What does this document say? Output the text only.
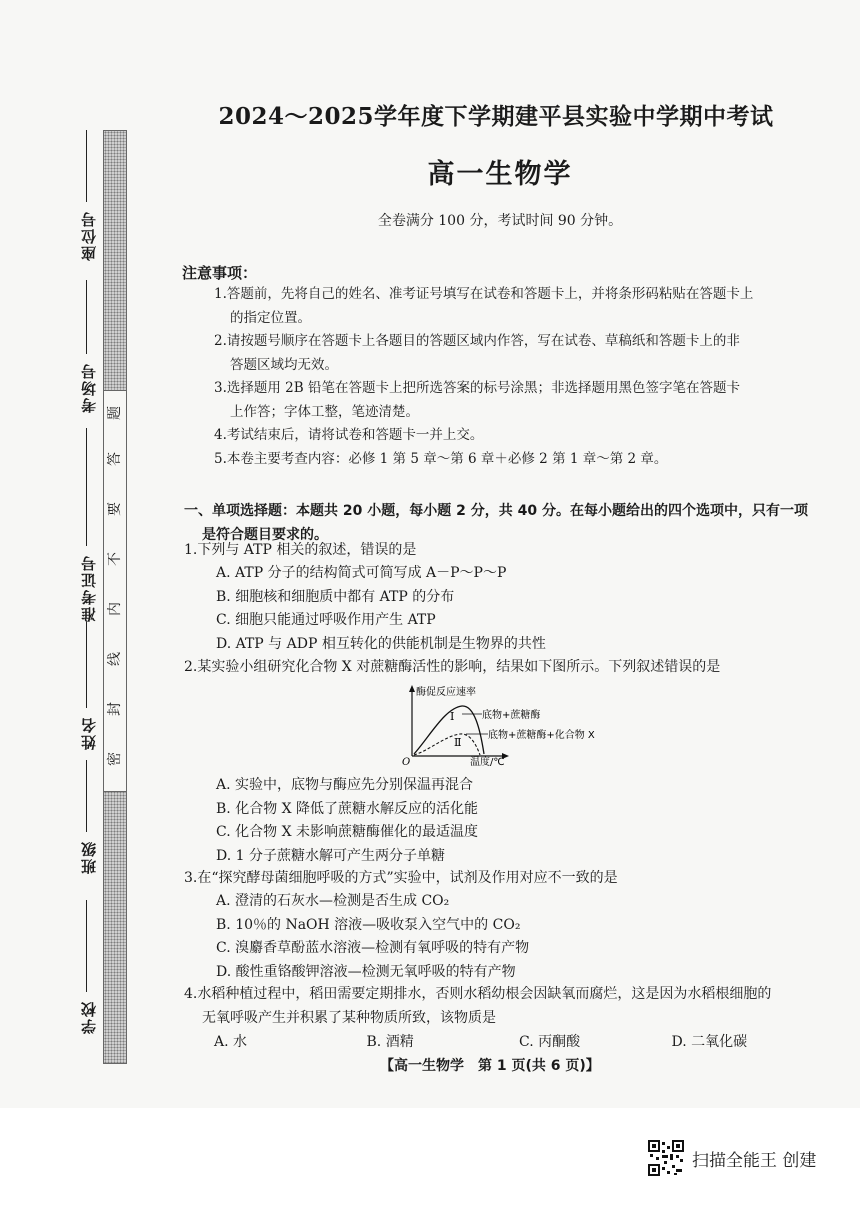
座位号
考场号
准考证号
姓名
班级
学校
题
答
要
不
内
线
封
密
2024～2025学年度下学期建平县实验中学期中考试
高一生物学
全卷满分 100 分，考试时间 90 分钟。
注意事项：
1.答题前，先将自己的姓名、准考证号填写在试卷和答题卡上，并将条形码粘贴在答题卡上
的指定位置。
2.请按题号顺序在答题卡上各题目的答题区域内作答，写在试卷、草稿纸和答题卡上的非
答题区域均无效。
3.选择题用 2B 铅笔在答题卡上把所选答案的标号涂黑；非选择题用黑色签字笔在答题卡
上作答；字体工整，笔迹清楚。
4.考试结束后，请将试卷和答题卡一并上交。
5.本卷主要考查内容：必修 1 第 5 章～第 6 章＋必修 2 第 1 章～第 2 章。
一、单项选择题：本题共 20 小题，每小题 2 分，共 40 分。在每小题给出的四个选项中，只有一项
是符合题目要求的。
1.下列与 ATP 相关的叙述，错误的是
A. ATP 分子的结构简式可简写成 A－P～P～P
B. 细胞核和细胞质中都有 ATP 的分布
C. 细胞只能通过呼吸作用产生 ATP
D. ATP 与 ADP 相互转化的供能机制是生物界的共性
2.某实验小组研究化合物 X 对蔗糖酶活性的影响，结果如下图所示。下列叙述错误的是
酶促反应速率
O	温度/℃
Ⅰ
Ⅱ
底物+蔗糖酶
底物+蔗糖酶+化合物 X
A. 实验中，底物与酶应先分别保温再混合
B. 化合物 X 降低了蔗糖水解反应的活化能
C. 化合物 X 未影响蔗糖酶催化的最适温度
D. 1 分子蔗糖水解可产生两分子单糖
3.在“探究酵母菌细胞呼吸的方式”实验中，试剂及作用对应不一致的是
A. 澄清的石灰水—检测是否生成 CO₂
B. 10％的 NaOH 溶液—吸收泵入空气中的 CO₂
C. 溴麝香草酚蓝水溶液—检测有氧呼吸的特有产物
D. 酸性重铬酸钾溶液—检测无氧呼吸的特有产物
4.水稻种植过程中，稻田需要定期排水，否则水稻幼根会因缺氧而腐烂，这是因为水稻根细胞的
无氧呼吸产生并积累了某种物质所致，该物质是
A. 水	B. 酒精	C. 丙酮酸	D. 二氧化碳
【高一生物学　第 1 页(共 6 页)】
扫描全能王 创建
